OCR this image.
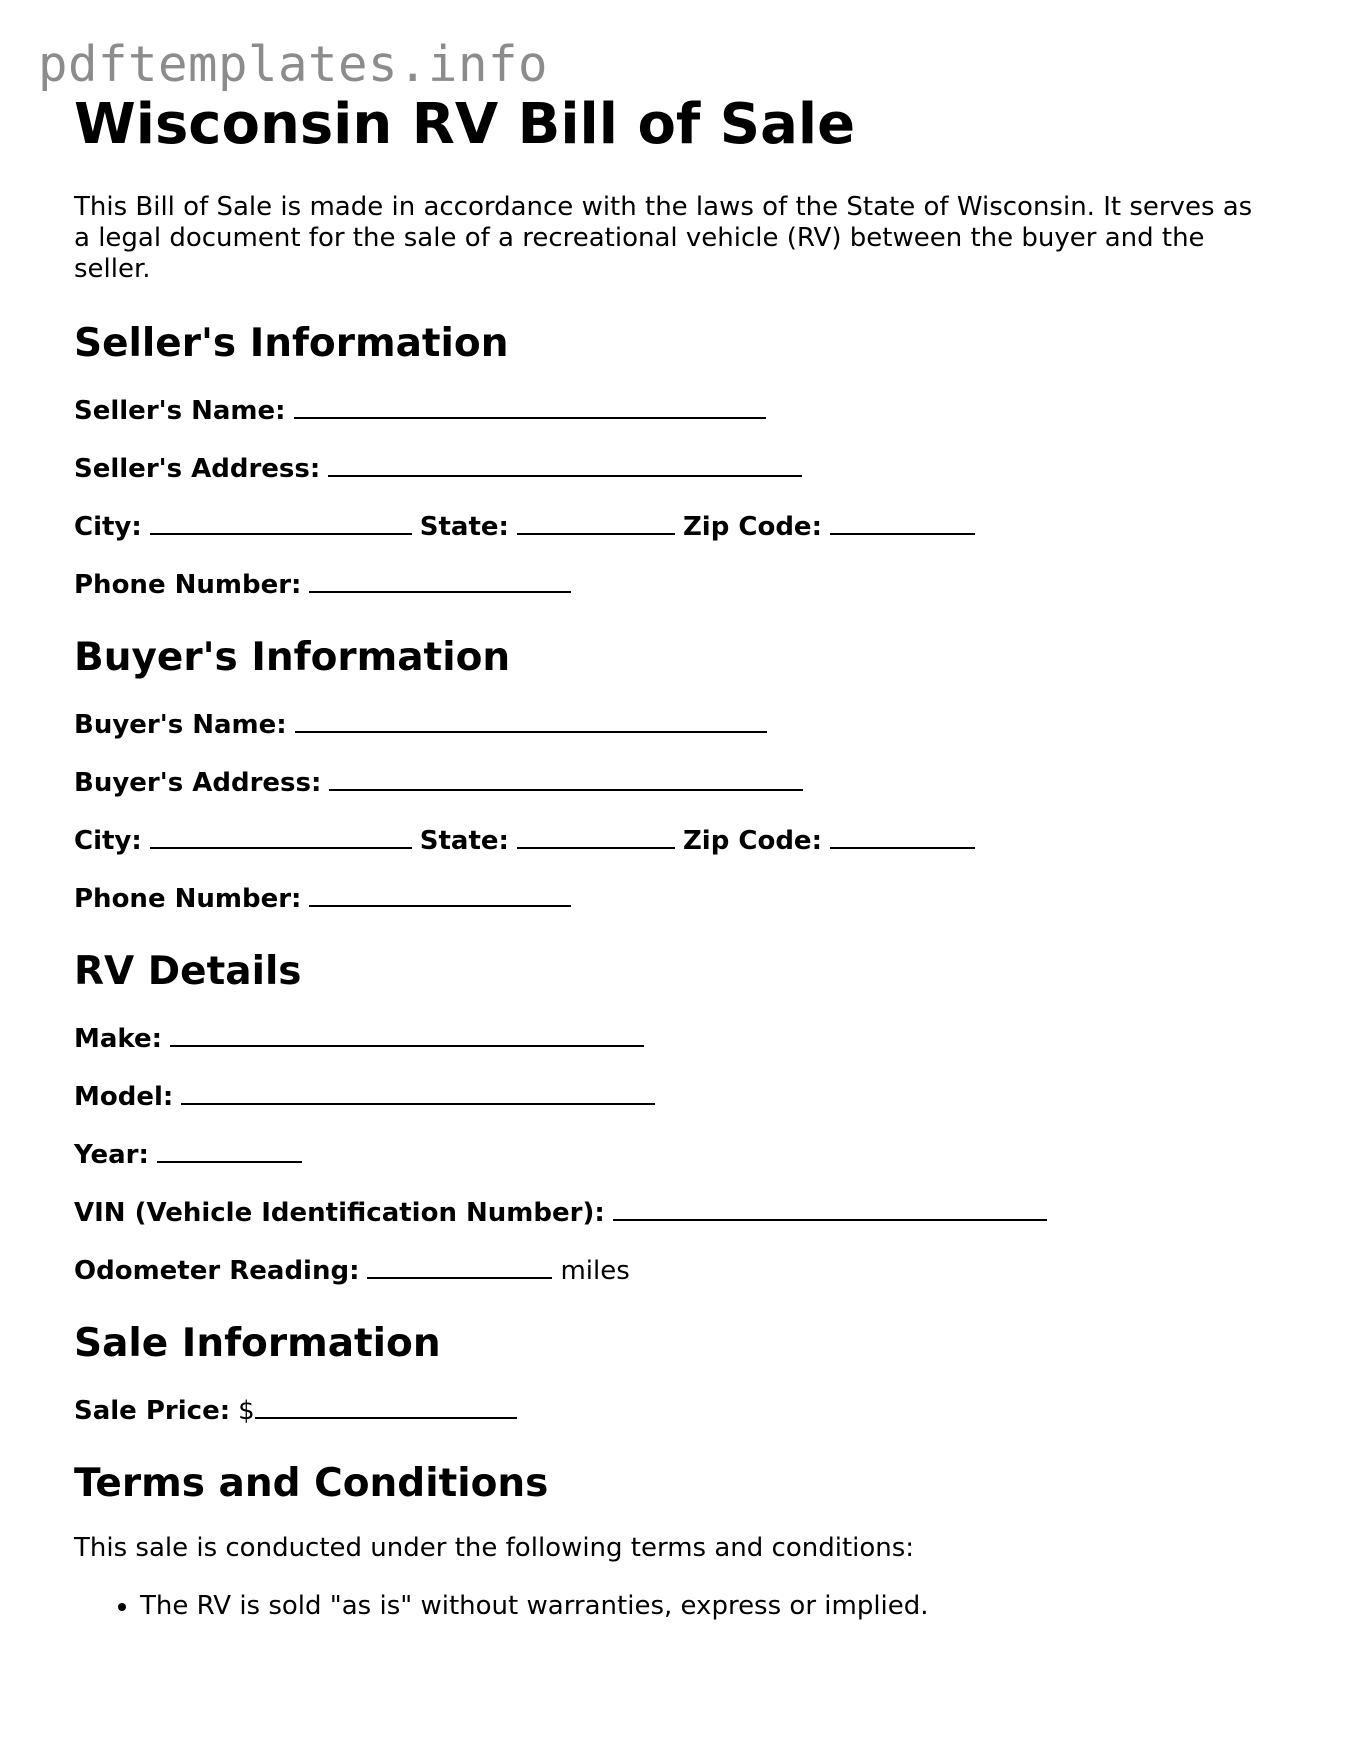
pdftemplates.info
Wisconsin RV Bill of Sale

This Bill of Sale is made in accordance with the laws of the State of Wisconsin. It serves as a legal document for the sale of a recreational vehicle (RV) between the buyer and the seller.

Seller's Information
Seller's Name:
Seller's Address:
City:	State:	Zip Code:
Phone Number:
Buyer's Information
Buyer's Name:
Buyer's Address:
City:	State:	Zip Code:
Phone Number:
RV Details
Make:
Model:
Year:
VIN (Vehicle Identification Number):
Odometer Reading:	miles
Sale Information
Sale Price: $
Terms and Conditions

This sale is conducted under the following terms and conditions:

• The RV is sold "as is" without warranties, express or implied.
